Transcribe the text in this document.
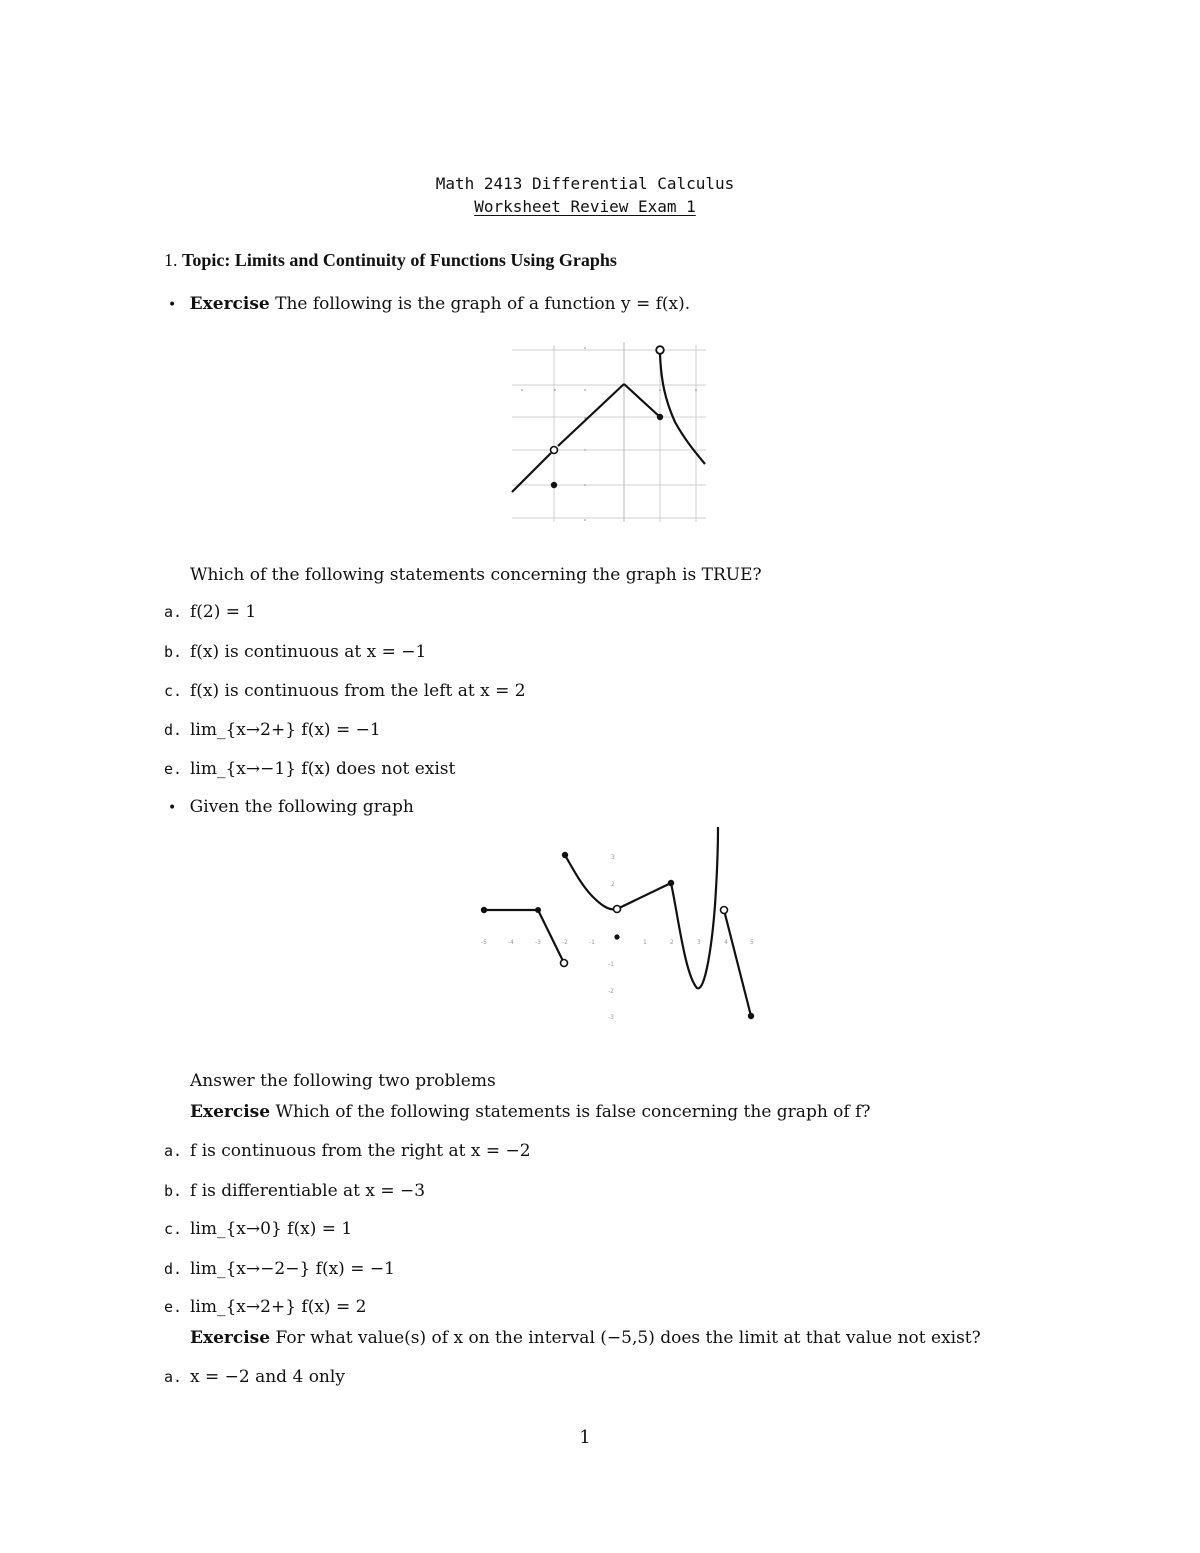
Math 2413 Differential Calculus
Worksheet Review Exam 1
1. Topic: Limits and Continuity of Functions Using Graphs
• Exercise The following is the graph of a function y = f(x).
Which of the following statements concerning the graph is TRUE?
a. f(2) = 1
b. f(x) is continuous at x = −1
c. f(x) is continuous from the left at x = 2
d. lim_{x→2+} f(x) = −1
e. lim_{x→−1} f(x) does not exist
• Given the following graph
-5	-4	-3	-2	-1	1	2	3	4	5
3
2
-1
-2
-3
Answer the following two problems
Exercise Which of the following statements is false concerning the graph of f?
a. f is continuous from the right at x = −2
b. f is differentiable at x = −3
c. lim_{x→0} f(x) = 1
d. lim_{x→−2−} f(x) = −1
e. lim_{x→2+} f(x) = 2
Exercise For what value(s) of x on the interval (−5,5) does the limit at that value not exist?
a. x = −2 and 4 only
1
